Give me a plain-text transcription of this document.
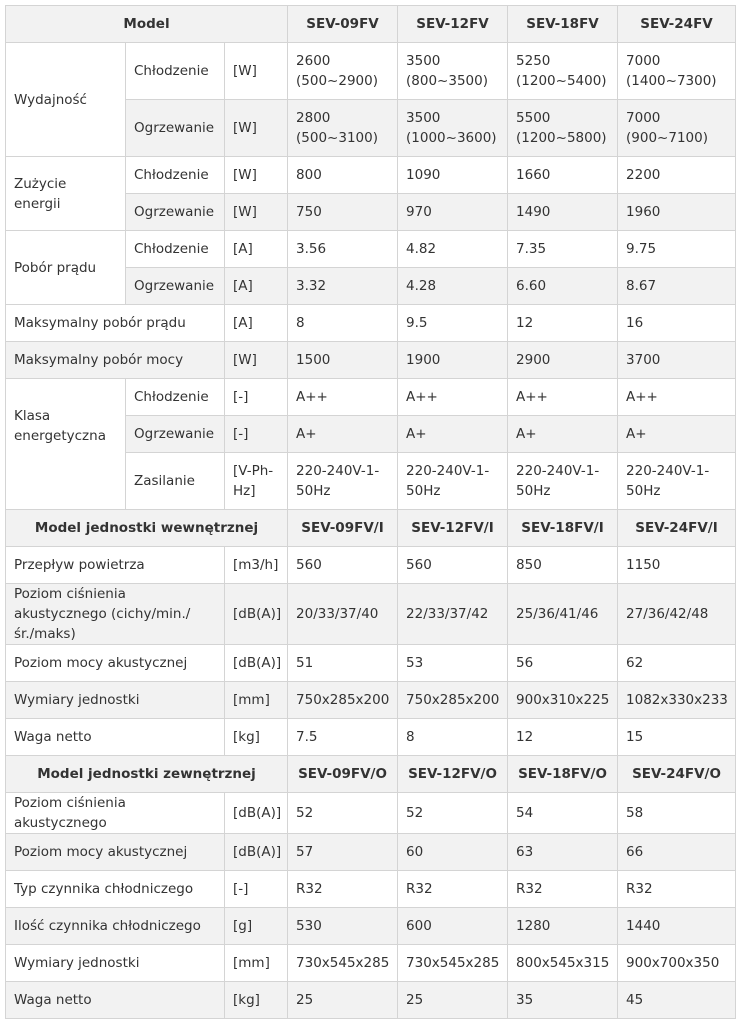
Model			SEV-09FV	SEV-12FV	SEV-18FV	SEV-24FV
Wydajność	Chłodzenie	[W]	2600 (500~2900)	3500 (800~3500)	5250 (1200~5400)	7000 (1400~7300)
	Ogrzewanie	[W]	2800 (500~3100)	3500 (1000~3600)	5500 (1200~5800)	7000 (900~7100)
Zużycie energii	Chłodzenie	[W]	800	1090	1660	2200
	Ogrzewanie	[W]	750	970	1490	1960
Pobór prądu	Chłodzenie	[A]	3.56	4.82	7.35	9.75
	Ogrzewanie	[A]	3.32	4.28	6.60	8.67
Maksymalny pobór prądu		[A]	8	9.5	12	16
Maksymalny pobór mocy		[W]	1500	1900	2900	3700

Klasa energetyczna	Chłodzenie	[-]	A++	A++	A++	A++
	Ogrzewanie	[-]	A+	A+	A+	A+
	Zasilanie	[V-Ph-Hz]	220-240V-1-50Hz	220-240V-1-50Hz	220-240V-1-50Hz	220-240V-1-50Hz
Model jednostki wewnętrznej			SEV-09FV/I	SEV-12FV/I	SEV-18FV/I	SEV-24FV/I
Przepływ powietrza		[m3/h]	560	560	850	1150
Poziom ciśnienia akustycznego (cichy/min./śr./maks)		[dB(A)]	20/33/37/40	22/33/37/42	25/36/41/46	27/36/42/48
Poziom mocy akustycznej		[dB(A)]	51	53	56	62
Wymiary jednostki		[mm]	750x285x200	750x285x200	900x310x225	1082x330x233
Waga netto		[kg]	7.5	8	12	15
Model jednostki zewnętrznej			SEV-09FV/O	SEV-12FV/O	SEV-18FV/O	SEV-24FV/O
Poziom ciśnienia akustycznego		[dB(A)]	52	52	54	58
Poziom mocy akustycznej		[dB(A)]	57	60	63	66
Typ czynnika chłodniczego		[-]	R32	R32	R32	R32
Ilość czynnika chłodniczego		[g]	530	600	1280	1440
Wymiary jednostki		[mm]	730x545x285	730x545x285	800x545x315	900x700x350
Waga netto		[kg]	25	25	35	45
